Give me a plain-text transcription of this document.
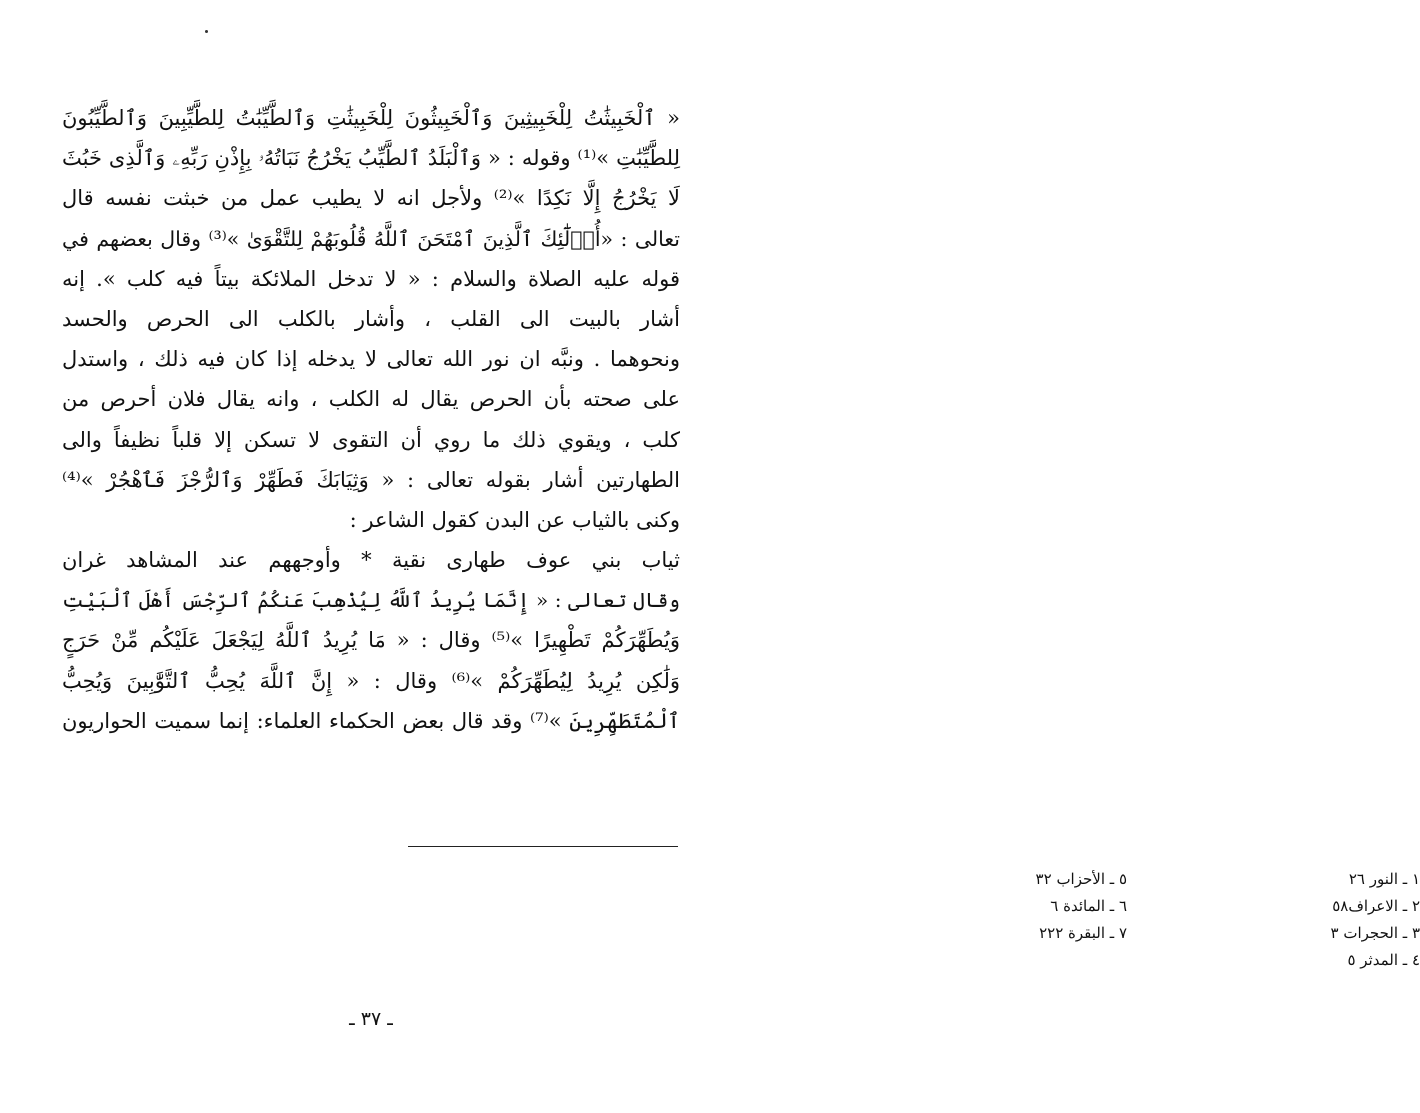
« ٱلْخَبِيثَٰتُ لِلْخَبِيثِينَ وَٱلْخَبِيثُونَ لِلْخَبِيثَٰتِ وَٱلطَّيِّبَٰتُ لِلطَّيِّبِينَ وَٱلطَّيِّبُونَ
لِلطَّيِّبَٰتِ »⁽¹⁾ وقوله : « وَٱلْبَلَدُ ٱلطَّيِّبُ يَخْرُجُ نَبَاتُهُۥ بِإِذْنِ رَبِّهِۦ وَٱلَّذِى خَبُثَ
لَا يَخْرُجُ إِلَّا نَكِدًا »⁽²⁾ ولأجل انه لا يطيب عمل من خبثت نفسه قال
تعالى : «أُو۟لَٰٓئِكَ ٱلَّذِينَ ٱمْتَحَنَ ٱللَّهُ قُلُوبَهُمْ لِلتَّقْوَىٰ »⁽³⁾ وقال بعضهم في
قوله عليه الصلاة والسلام : « لا تدخل الملائكة بيتاً فيه كلب ». إنه
أشار بالبيت الى القلب ، وأشار بالكلب الى الحرص والحسد
ونحوهما . ونبَّه ان نور الله تعالى لا يدخله إذا كان فيه ذلك ، واستدل
على صحته بأن الحرص يقال له الكلب ، وانه يقال فلان أحرص من
كلب ، ويقوي ذلك ما روي أن التقوى لا تسكن إلا قلباً نظيفاً والى
الطهارتين أشار بقوله تعالى : « وَثِيَابَكَ فَطَهِّرْ وَٱلرُّجْزَ فَٱهْجُرْ »⁽⁴⁾
وكنى بالثياب عن البدن كقول الشاعر :
ثياب بني عوف طهارى نقية * وأوجههم عند المشاهد غران
وقال تعالى : « إِنَّمَا يُرِيدُ ٱللَّهُ لِيُذْهِبَ عَنكُمُ ٱلرِّجْسَ أَهْلَ ٱلْبَيْتِ
وَيُطَهِّرَكُمْ تَطْهِيرًا »⁽⁵⁾ وقال : « مَا يُرِيدُ ٱللَّهُ لِيَجْعَلَ عَلَيْكُم مِّنْ حَرَجٍ
وَلَٰكِن يُرِيدُ لِيُطَهِّرَكُمْ »⁽⁶⁾ وقال : « إِنَّ ٱللَّهَ يُحِبُّ ٱلتَّوَّٰبِينَ وَيُحِبُّ
ٱلْمُتَطَهِّرِينَ »⁽⁷⁾ وقد قال بعض الحكماء العلماء: إنما سميت الحواريون
١ ـ النور ٢٦
٢ ـ الاعراف٥٨
٣ ـ الحجرات ٣
٤ ـ المدثر ٥
٥ ـ الأحزاب ٣٢
٦ ـ المائدة ٦
٧ ـ البقرة ٢٢٢
ـ ٣٧ ـ
